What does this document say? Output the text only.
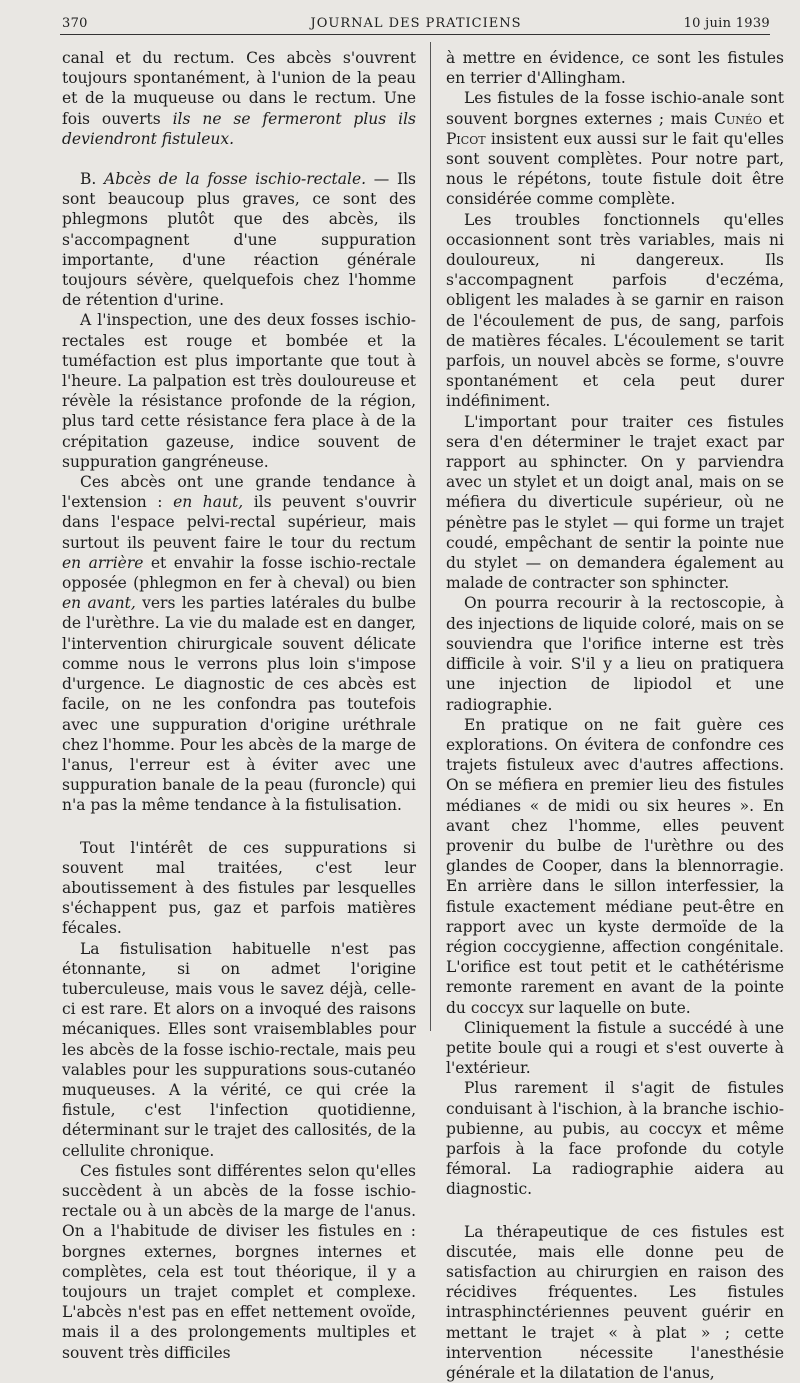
370	JOURNAL DES PRATICIENS	10 juin 1939

canal et du rectum. Ces abcès s'ouvrent toujours spontanément, à l'union de la peau et de la muqueuse ou dans le rectum. Une fois ouverts ils ne se fermeront plus ils deviendront fistuleux.

B. Abcès de la fosse ischio-rectale. — Ils sont beaucoup plus graves, ce sont des phlegmons plutôt que des abcès, ils s'accompagnent d'une suppuration importante, d'une réaction générale toujours sévère, quelquefois chez l'homme de rétention d'urine.

A l'inspection, une des deux fosses ischio-rectales est rouge et bombée et la tuméfaction est plus importante que tout à l'heure. La palpation est très douloureuse et révèle la résistance profonde de la région, plus tard cette résistance fera place à de la crépitation gazeuse, indice souvent de suppuration gangréneuse.

Ces abcès ont une grande tendance à l'extension : en haut, ils peuvent s'ouvrir dans l'espace pelvi-rectal supérieur, mais surtout ils peuvent faire le tour du rectum en arrière et envahir la fosse ischio-rectale opposée (phlegmon en fer à cheval) ou bien en avant, vers les parties latérales du bulbe de l'urèthre. La vie du malade est en danger, l'intervention chirurgicale souvent délicate comme nous le verrons plus loin s'impose d'urgence. Le diagnostic de ces abcès est facile, on ne les confondra pas toutefois avec une suppuration d'origine uréthrale chez l'homme. Pour les abcès de la marge de l'anus, l'erreur est à éviter avec une suppuration banale de la peau (furoncle) qui n'a pas la même tendance à la fistulisation.

Tout l'intérêt de ces suppurations si souvent mal traitées, c'est leur aboutissement à des fistules par lesquelles s'échappent pus, gaz et parfois matières fécales.

La fistulisation habituelle n'est pas étonnante, si on admet l'origine tuberculeuse, mais vous le savez déjà, celle-ci est rare. Et alors on a invoqué des raisons mécaniques. Elles sont vraisemblables pour les abcès de la fosse ischio-rectale, mais peu valables pour les suppurations sous-cutanéo muqueuses. A la vérité, ce qui crée la fistule, c'est l'infection quotidienne, déterminant sur le trajet des callosités, de la cellulite chronique.

Ces fistules sont différentes selon qu'elles succèdent à un abcès de la fosse ischio-rectale ou à un abcès de la marge de l'anus. On a l'habitude de diviser les fistules en : borgnes externes, borgnes internes et complètes, cela est tout théorique, il y a toujours un trajet complet et complexe. L'abcès n'est pas en effet nettement ovoïde, mais il a des prolongements multiples et souvent très difficiles

à mettre en évidence, ce sont les fistules en terrier d'Allingham.

Les fistules de la fosse ischio-anale sont souvent borgnes externes ; mais Cunéo et Picot insistent eux aussi sur le fait qu'elles sont souvent complètes. Pour notre part, nous le répétons, toute fistule doit être considérée comme complète.

Les troubles fonctionnels qu'elles occasionnent sont très variables, mais ni douloureux, ni dangereux. Ils s'accompagnent parfois d'eczéma, obligent les malades à se garnir en raison de l'écoulement de pus, de sang, parfois de matières fécales. L'écoulement se tarit parfois, un nouvel abcès se forme, s'ouvre spontanément et cela peut durer indéfiniment.

L'important pour traiter ces fistules sera d'en déterminer le trajet exact par rapport au sphincter. On y parviendra avec un stylet et un doigt anal, mais on se méfiera du diverticule supérieur, où ne pénètre pas le stylet — qui forme un trajet coudé, empêchant de sentir la pointe nue du stylet — on demandera également au malade de contracter son sphincter.

On pourra recourir à la rectoscopie, à des injections de liquide coloré, mais on se souviendra que l'orifice interne est très difficile à voir. S'il y a lieu on pratiquera une injection de lipiodol et une radiographie.

En pratique on ne fait guère ces explorations. On évitera de confondre ces trajets fistuleux avec d'autres affections. On se méfiera en premier lieu des fistules médianes « de midi ou six heures ». En avant chez l'homme, elles peuvent provenir du bulbe de l'urèthre ou des glandes de Cooper, dans la blennorragie. En arrière dans le sillon interfessier, la fistule exactement médiane peut-être en rapport avec un kyste dermoïde de la région coccygienne, affection congénitale. L'orifice est tout petit et le cathétérisme remonte rarement en avant de la pointe du coccyx sur laquelle on bute.

Cliniquement la fistule a succédé à une petite boule qui a rougi et s'est ouverte à l'extérieur.

Plus rarement il s'agit de fistules conduisant à l'ischion, à la branche ischio-pubienne, au pubis, au coccyx et même parfois à la face profonde du cotyle fémoral. La radiographie aidera au diagnostic.

La thérapeutique de ces fistules est discutée, mais elle donne peu de satisfaction au chirurgien en raison des récidives fréquentes. Les fistules intrasphinctériennes peuvent guérir en mettant le trajet « à plat » ; cette intervention nécessite l'anesthésie générale et la dilatation de l'anus,
